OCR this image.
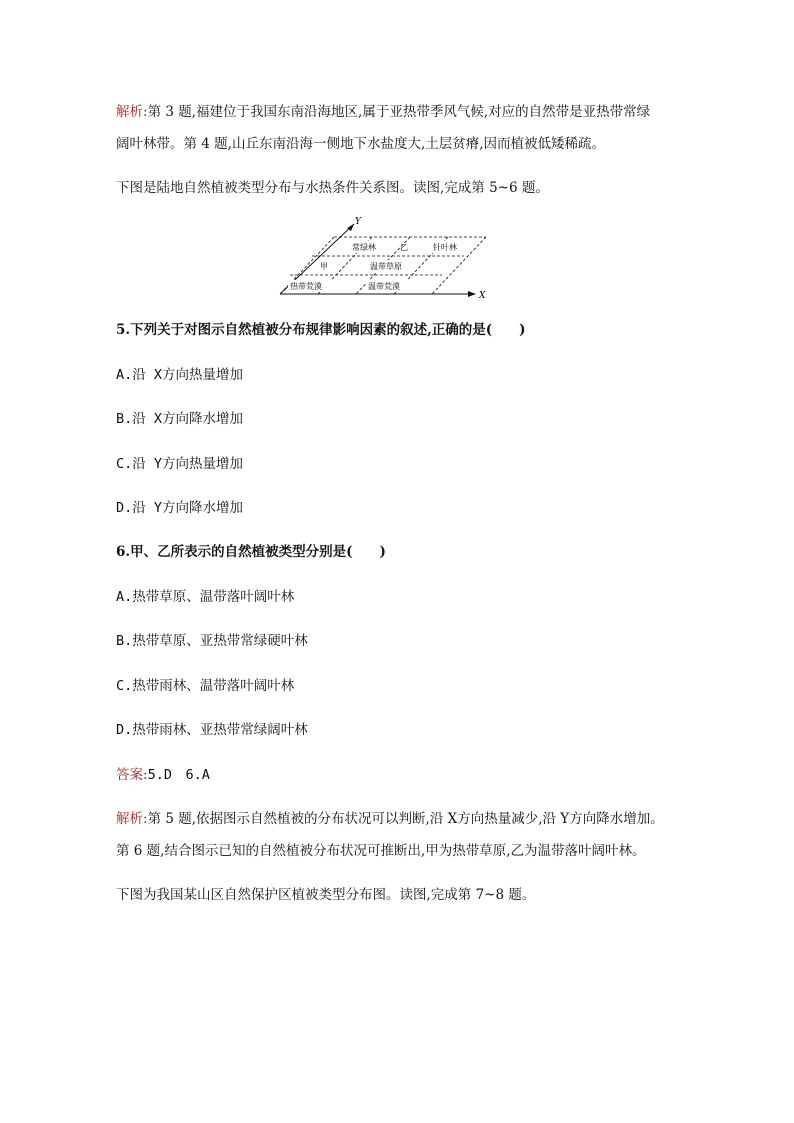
解析:第 3 题,福建位于我国东南沿海地区,属于亚热带季风气候,对应的自然带是亚热带常绿
阔叶林带。第 4 题,山丘东南沿海一侧地下水盐度大,土层贫瘠,因而植被低矮稀疏。
下图是陆地自然植被类型分布与水热条件关系图。读图,完成第 5~6 题。
Y
X
常绿林	乙	针叶林
甲	温带草原
热带荒漠	温带荒漠
5.下列关于对图示自然植被分布规律影响因素的叙述,正确的是(　　)
A.沿 X方向热量增加
B.沿 X方向降水增加
C.沿 Y方向热量增加
D.沿 Y方向降水增加
6.甲、乙所表示的自然植被类型分别是(　　)
A.热带草原、温带落叶阔叶林
B.热带草原、亚热带常绿硬叶林
C.热带雨林、温带落叶阔叶林
D.热带雨林、亚热带常绿阔叶林
答案:5.D　6.A
解析:第 5 题,依据图示自然植被的分布状况可以判断,沿 X方向热量减少,沿 Y方向降水增加。
第 6 题,结合图示已知的自然植被分布状况可推断出,甲为热带草原,乙为温带落叶阔叶林。
下图为我国某山区自然保护区植被类型分布图。读图,完成第 7~8 题。
